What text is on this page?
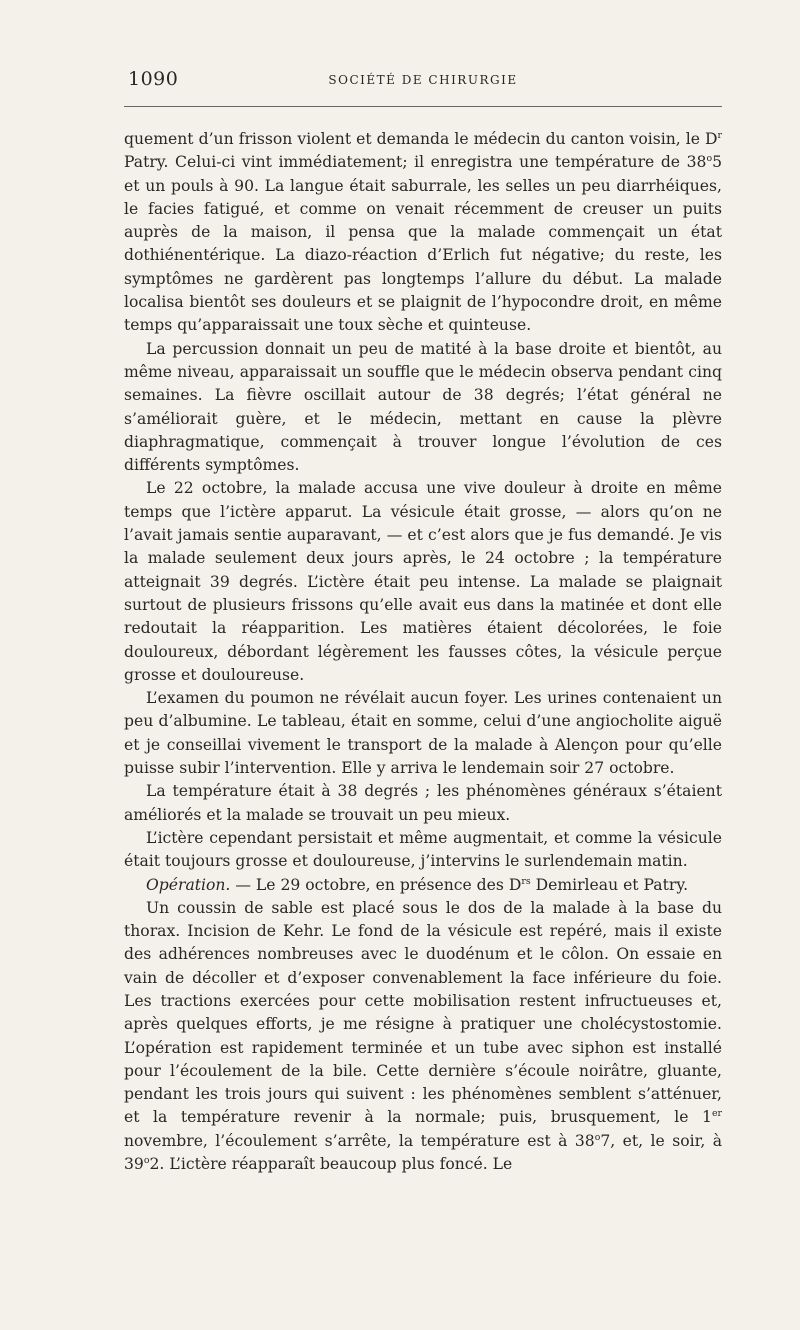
1090	SOCIÉTÉ DE CHIRURGIE

quement d’un frisson violent et demanda le médecin du canton voisin, le $D^r$ Patry. Celui-ci vint immédiatement; il enregistra une température de 38$^o$5 et un pouls à 90. La langue était saburrale, les selles un peu diarrhéiques, le facies fatigué, et comme on venait récemment de creuser un puits auprès de la maison, il pensa que la malade commençait un état dothiénentérique. La diazo-réaction d’Erlich fut négative; du reste, les symptômes ne gardèrent pas longtemps l’allure du début. La malade localisa bientôt ses douleurs et se plaignit de l’hypocondre droit, en même temps qu’apparaissait une toux sèche et quinteuse.

La percussion donnait un peu de matité à la base droite et bientôt, au même niveau, apparaissait un souffle que le médecin observa pendant cinq semaines. La fièvre oscillait autour de 38 degrés; l’état général ne s’améliorait guère, et le médecin, mettant en cause la plèvre diaphragmatique, commençait à trouver longue l’évolution de ces différents symptômes.

Le 22 octobre, la malade accusa une vive douleur à droite en même temps que l’ictère apparut. La vésicule était grosse, — alors qu’on ne l’avait jamais sentie auparavant, — et c’est alors que je fus demandé. Je vis la malade seulement deux jours après, le 24 octobre ; la température atteignait 39 degrés. L’ictère était peu intense. La malade se plaignait surtout de plusieurs frissons qu’elle avait eus dans la matinée et dont elle redoutait la réapparition. Les matières étaient décolorées, le foie douloureux, débordant légèrement les fausses côtes, la vésicule perçue grosse et douloureuse.

L’examen du poumon ne révélait aucun foyer. Les urines contenaient un peu d’albumine. Le tableau, était en somme, celui d’une angiocholite aiguë et je conseillai vivement le transport de la malade à Alençon pour qu’elle puisse subir l’intervention. Elle y arriva le lendemain soir 27 octobre.

La température était à 38 degrés ; les phénomènes généraux s’étaient améliorés et la malade se trouvait un peu mieux.

L’ictère cependant persistait et même augmentait, et comme la vésicule était toujours grosse et douloureuse, j’intervins le surlendemain matin.

Opération. — Le 29 octobre, en présence des $D^{rs}$ Demirleau et Patry.

Un coussin de sable est placé sous le dos de la malade à la base du thorax. Incision de Kehr. Le fond de la vésicule est repéré, mais il existe des adhérences nombreuses avec le duodénum et le côlon. On essaie en vain de décoller et d’exposer convenablement la face inférieure du foie. Les tractions exercées pour cette mobilisation restent infructueuses et, après quelques efforts, je me résigne à pratiquer une cholécystostomie. L’opération est rapidement terminée et un tube avec siphon est installé pour l’écoulement de la bile. Cette dernière s’écoule noirâtre, gluante, pendant les trois jours qui suivent : les phénomènes semblent s’atténuer, et la température revenir à la normale; puis, brusquement, le 1er novembre, l’écoulement s’arrête, la température est à 38$^o$7, et, le soir, à 39$^o$2. L’ictère réapparaît beaucoup plus foncé. Le
